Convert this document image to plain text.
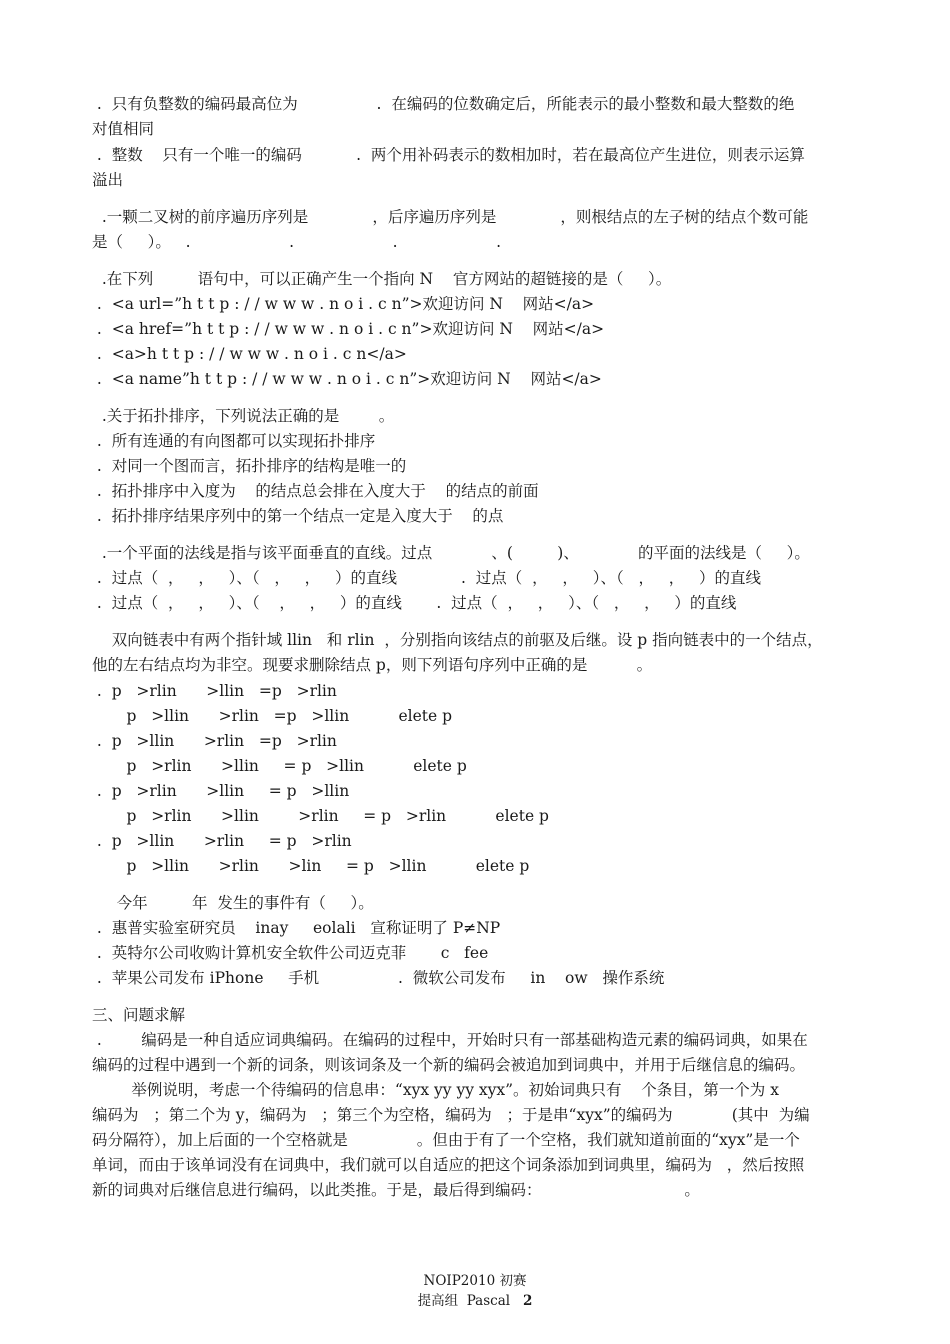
.  只有负整数的编码最高位为                .  在编码的位数确定后，所能表示的最小整数和最大整数的绝
对值相同
.  整数    只有一个唯一的编码           .  两个用补码表示的数相加时，若在最高位产生进位，则表示运算
溢出
.一颗二叉树的前序遍历序列是             ，后序遍历序列是             ，则根结点的左子树的结点个数可能
是（     ）。   .                    .                    .                    .
.在下列         语句中，可以正确产生一个指向 N    官方网站的超链接的是（     ）。
.  <a url=”h t t p : / / w w w . n o i . c n”>欢迎访问 N    网站</a>
.  <a href=”h t t p : / / w w w . n o i . c n”>欢迎访问 N    网站</a>
.  <a>h t t p : / / w w w . n o i . c n</a>
.  <a name”h t t p : / / w w w . n o i . c n”>欢迎访问 N    网站</a>
.关于拓扑排序，下列说法正确的是        。
.  所有连通的有向图都可以实现拓扑排序
.  对同一个图而言，拓扑排序的结构是唯一的
.  拓扑排序中入度为    的结点总会排在入度大于    的结点的前面
.  拓扑排序结果序列中的第一个结点一定是入度大于    的点
.一个平面的法线是指与该平面垂直的直线。过点            、(         )、            的平面的法线是（     ）。
.  过点（  ，   ，   ）、（   ，   ，   ）的直线             .  过点（  ，   ，   ）、（   ，   ，   ）的直线
.  过点（  ，   ，   ）、（    ，   ，   ）的直线       .  过点（  ，   ，   ）、（   ，   ，   ）的直线
双向链表中有两个指针域 llin   和 rlin  ，分别指向该结点的前驱及后继。设 p 指向链表中的一个结点，
他的左右结点均为非空。现要求删除结点 p，则下列语句序列中正确的是          。
.  p   >rlin      >llin   =p   >rlin
p   >llin      >rlin   =p   >llin          elete p
.  p   >llin      >rlin   =p   >rlin
p   >rlin      >llin     = p   >llin          elete p
.  p   >rlin      >llin     = p   >llin
p   >rlin      >llin        >rlin     = p   >rlin          elete p
.  p   >llin      >rlin     = p   >rlin
p   >llin      >rlin      >lin     = p   >llin          elete p
今年         年  发生的事件有（     ）。
.  惠普实验室研究员    inay     eolali   宣称证明了 P≠NP
.  英特尔公司收购计算机安全软件公司迈克菲       c   fee
.  苹果公司发布 iPhone     手机                .  微软公司发布     in    ow   操作系统
三、问题求解
.        编码是一种自适应词典编码。在编码的过程中，开始时只有一部基础构造元素的编码词典，如果在
编码的过程中遇到一个新的词条，则该词条及一个新的编码会被追加到词典中，并用于后继信息的编码。
举例说明，考虑一个待编码的信息串：“xyx yy yy xyx”。初始词典只有    个条目，第一个为 x
编码为   ；第二个为 y，编码为   ；第三个为空格，编码为   ；于是串“xyx”的编码为            (其中  为编
码分隔符），加上后面的一个空格就是              。但由于有了一个空格，我们就知道前面的“xyx”是一个
单词，而由于该单词没有在词典中，我们就可以自适应的把这个词条添加到词典里，编码为   ，然后按照
新的词典对后继信息进行编码，以此类推。于是，最后得到编码：                             。
NOIP2010 初赛
提高组  Pascal   2
